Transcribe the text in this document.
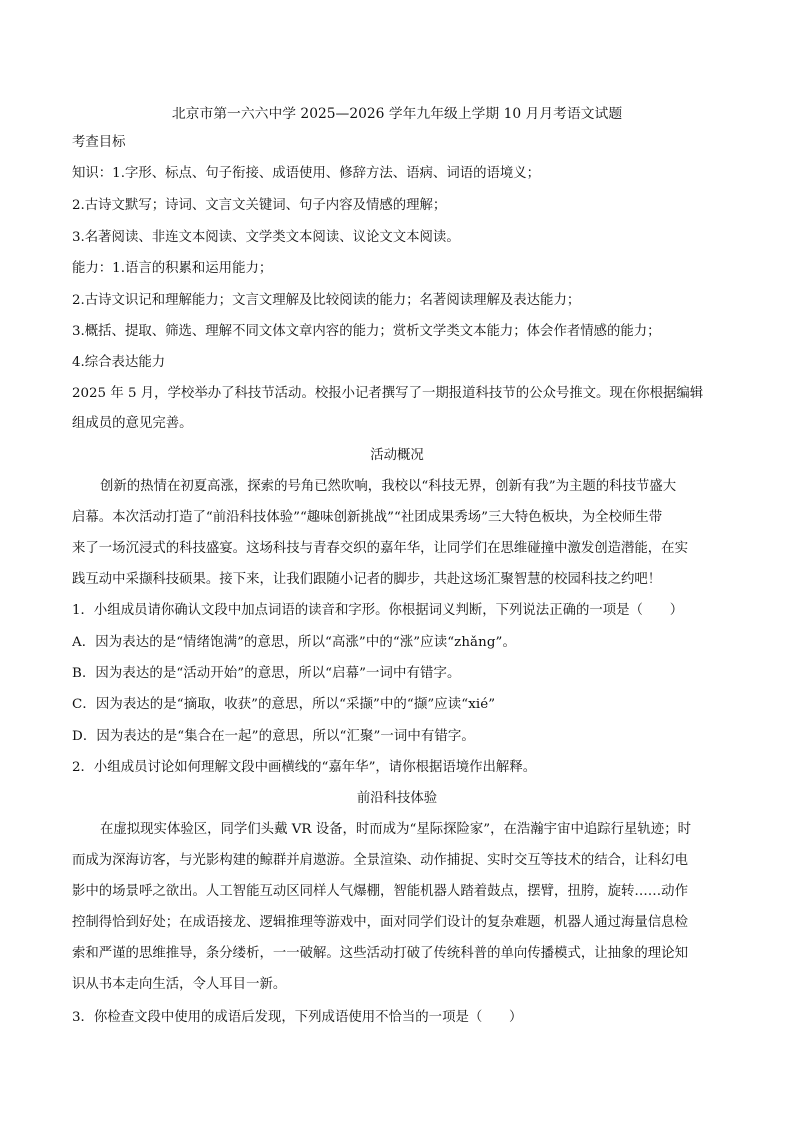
北京市第一六六中学 2025—2026 学年九年级上学期 10 月月考语文试题
考查目标
知识：1.字形、标点、句子衔接、成语使用、修辞方法、语病、词语的语境义；
2.古诗文默写；诗词、文言文关键词、句子内容及情感的理解；
3.名著阅读、非连文本阅读、文学类文本阅读、议论文文本阅读。
能力：1.语言的积累和运用能力；
2.古诗文识记和理解能力；文言文理解及比较阅读的能力；名著阅读理解及表达能力；
3.概括、提取、筛选、理解不同文体文章内容的能力；赏析文学类文本能力；体会作者情感的能力；
4.综合表达能力
2025 年 5 月，学校举办了科技节活动。校报小记者撰写了一期报道科技节的公众号推文。现在你根据编辑
组成员的意见完善。
活动概况
创新的热情在初夏高涨，探索的号角已然吹响，我校以“科技无界，创新有我”为主题的科技节盛大
启幕。本次活动打造了“前沿科技体验”“趣味创新挑战”“社团成果秀场”三大特色板块，为全校师生带
来了一场沉浸式的科技盛宴。这场科技与青春交织的嘉年华，让同学们在思维碰撞中激发创造潜能，在实
践互动中采撷科技硕果。接下来，让我们跟随小记者的脚步，共赴这场汇聚智慧的校园科技之约吧！
1．小组成员请你确认文段中加点词语的读音和字形。你根据词义判断，下列说法正确的一项是（　　）
A．因为表达的是“情绪饱满”的意思，所以“高涨”中的“涨”应读“zhǎng”。
B．因为表达的是“活动开始”的意思，所以“启幕”一词中有错字。
C．因为表达的是“摘取，收获”的意思，所以“采撷”中的“撷”应读“xié”
D．因为表达的是“集合在一起”的意思，所以“汇聚”一词中有错字。
2．小组成员讨论如何理解文段中画横线的“嘉年华”，请你根据语境作出解释。
前沿科技体验
在虚拟现实体验区，同学们头戴 VR 设备，时而成为“星际探险家”，在浩瀚宇宙中追踪行星轨迹；时
而成为深海访客，与光影构建的鲸群并肩遨游。全景渲染、动作捕捉、实时交互等技术的结合，让科幻电
影中的场景呼之欲出。人工智能互动区同样人气爆棚，智能机器人踏着鼓点，摆臂，扭胯，旋转……动作
控制得恰到好处；在成语接龙、逻辑推理等游戏中，面对同学们设计的复杂难题，机器人通过海量信息检
索和严谨的思维推导，条分缕析，一一破解。这些活动打破了传统科普的单向传播模式，让抽象的理论知
识从书本走向生活，令人耳目一新。
3．你检查文段中使用的成语后发现，下列成语使用不恰当的一项是（　　）
